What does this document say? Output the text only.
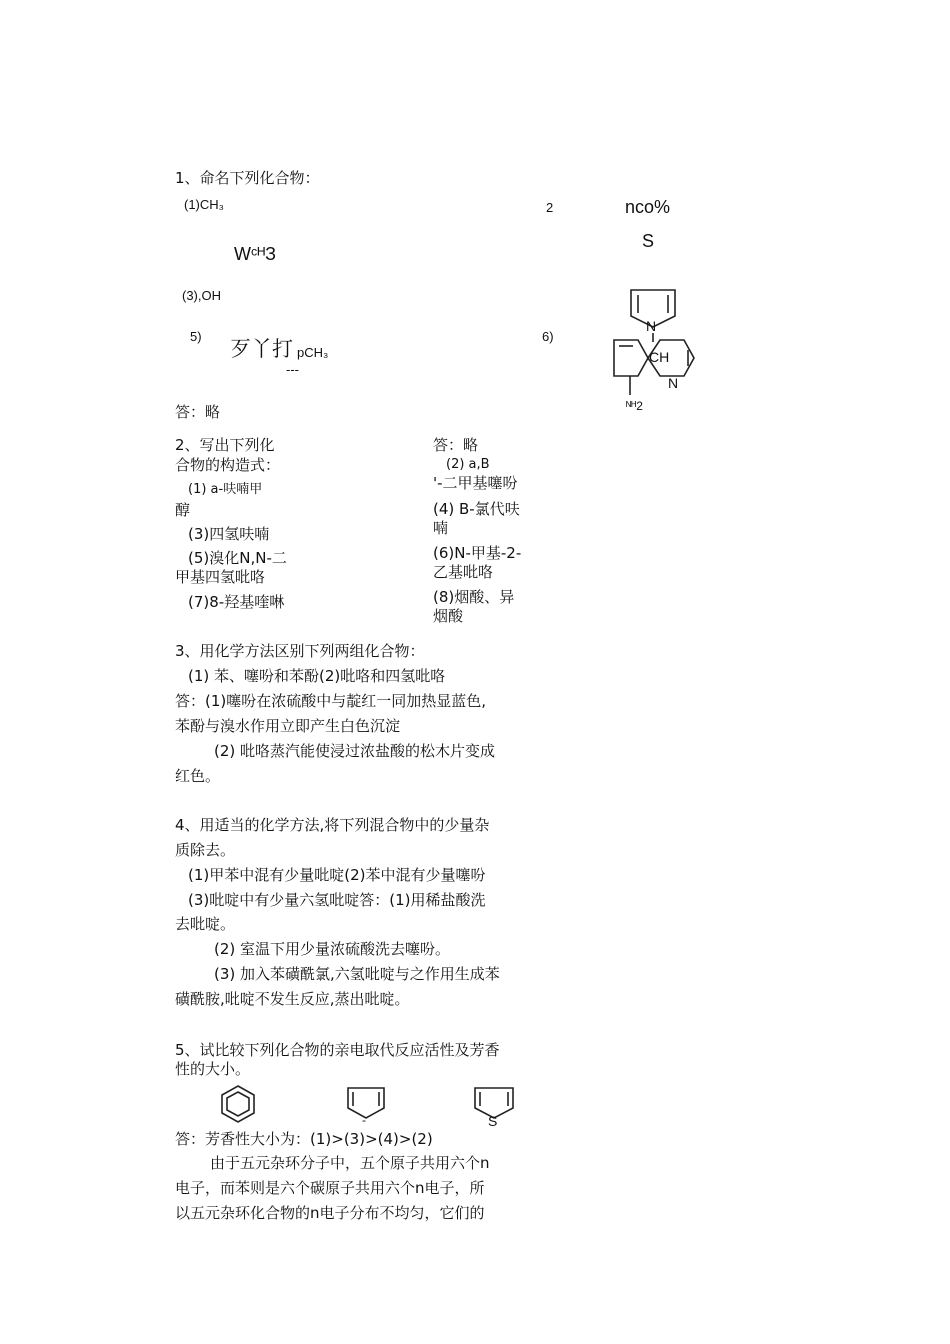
1、命名下列化合物：
(1)CH₃	2	nco%
S
WᶜᴴЗ
(3),OH
5)
歹丫打 pCH₃
---
6)
N
CH
N
ᴺᴴ2
答：略
2、写出下列化
合物的构造式：
答：略
(1) a-呋喃甲
醇
(2) a,B
'-二甲基噻吩
(3)四氢呋喃
(4) B-氯代呋
喃
(5)溴化N,N-二
甲基四氢吡咯
(6)N-甲基-2-
乙基吡咯
(7)8-羟基喹啉	(8)烟酸、异
烟酸
3、用化学方法区别下列两组化合物：
(1) 苯、噻吩和苯酚(2)吡咯和四氢吡咯
答：(1)噻吩在浓硫酸中与靛红一同加热显蓝色,
苯酚与溴水作用立即产生白色沉淀
(2) 吡咯蒸汽能使浸过浓盐酸的松木片变成
红色。
4、用适当的化学方法,将下列混合物中的少量杂
质除去。
(1)甲苯中混有少量吡啶(2)苯中混有少量噻吩
(3)吡啶中有少量六氢吡啶答：(1)用稀盐酸洗
去吡啶。
(2) 室温下用少量浓硫酸洗去噻吩。
(3) 加入苯磺酰氯,六氢吡啶与之作用生成苯
磺酰胺,吡啶不发生反应,蒸出吡啶。
5、试比较下列化合物的亲电取代反应活性及芳香
性的大小。
-	S
答：芳香性大小为：(1)>(3)>(4)>(2)
由于五元杂环分子中，五个原子共用六个n
电子，而苯则是六个碳原子共用六个n电子，所
以五元杂环化合物的n电子分布不均匀，它们的
